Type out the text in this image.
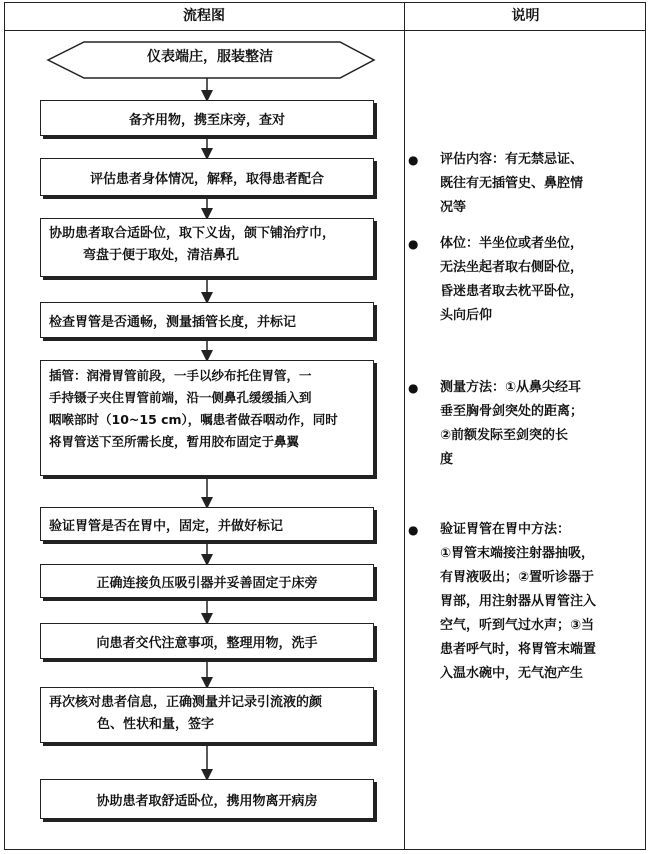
流程图	说明
仪表端庄，服装整洁
备齐用物，携至床旁，查对
评估患者身体情况，解释，取得患者配合
协助患者取合适卧位，取下义齿，颌下铺治疗巾，
弯盘于便于取处，清洁鼻孔
检查胃管是否通畅，测量插管长度，并标记
插管：润滑胃管前段，一手以纱布托住胃管，一
手持镊子夹住胃管前端，沿一侧鼻孔缓缓插入到
咽喉部时（10~15 cm），嘱患者做吞咽动作，同时
将胃管送下至所需长度，暂用胶布固定于鼻翼
验证胃管是否在胃中，固定，并做好标记
正确连接负压吸引器并妥善固定于床旁
向患者交代注意事项，整理用物，洗手
再次核对患者信息，正确测量并记录引流液的颜
色、性状和量，签字
协助患者取舒适卧位，携用物离开病房
● 评估内容：有无禁忌证、
既往有无插管史、鼻腔情
况等
● 体位：半坐位或者坐位，
无法坐起者取右侧卧位，
昏迷患者取去枕平卧位，
头向后仰
● 测量方法：①从鼻尖经耳
垂至胸骨剑突处的距离；
②前额发际至剑突的长
度
● 验证胃管在胃中方法：
①胃管末端接注射器抽吸，
有胃液吸出；②置听诊器于
胃部，用注射器从胃管注入
空气，听到气过水声；③当
患者呼气时，将胃管末端置
入温水碗中，无气泡产生
